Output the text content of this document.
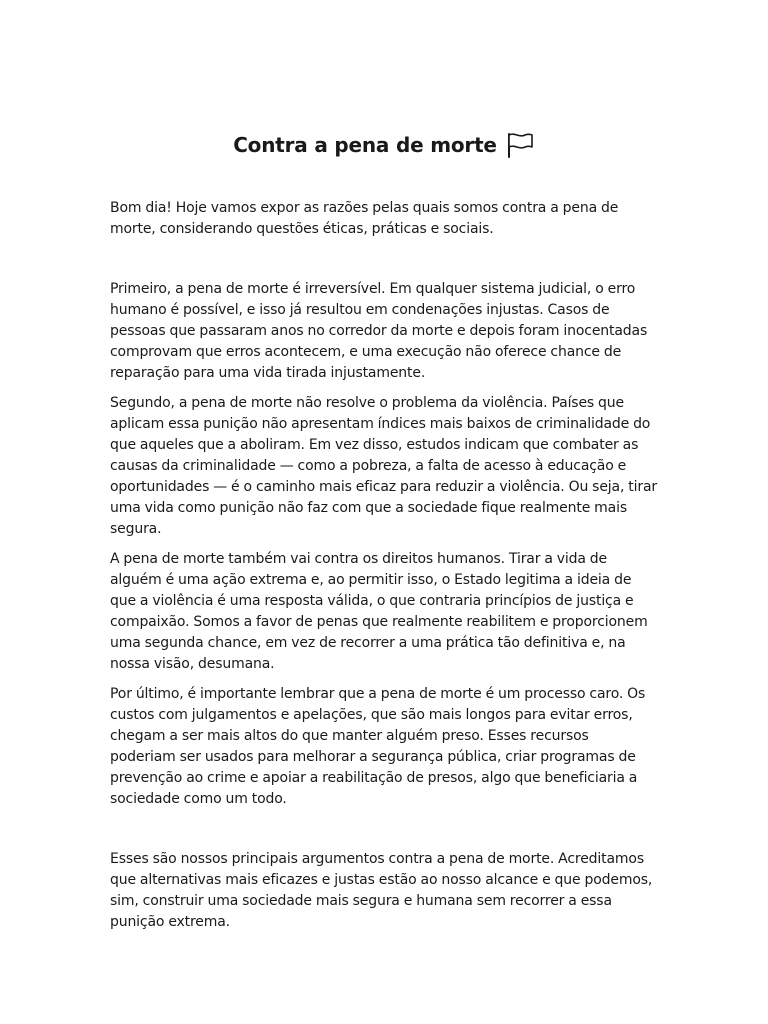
Contra a pena de morte

Bom dia! Hoje vamos expor as razões pelas quais somos contra a pena de morte, considerando questões éticas, práticas e sociais.

Primeiro, a pena de morte é irreversível. Em qualquer sistema judicial, o erro humano é possível, e isso já resultou em condenações injustas. Casos de pessoas que passaram anos no corredor da morte e depois foram inocentadas comprovam que erros acontecem, e uma execução não oferece chance de reparação para uma vida tirada injustamente.

Segundo, a pena de morte não resolve o problema da violência. Países que aplicam essa punição não apresentam índices mais baixos de criminalidade do que aqueles que a aboliram. Em vez disso, estudos indicam que combater as causas da criminalidade — como a pobreza, a falta de acesso à educação e oportunidades — é o caminho mais eficaz para reduzir a violência. Ou seja, tirar uma vida como punição não faz com que a sociedade fique realmente mais segura.

A pena de morte também vai contra os direitos humanos. Tirar a vida de alguém é uma ação extrema e, ao permitir isso, o Estado legitima a ideia de que a violência é uma resposta válida, o que contraria princípios de justiça e compaixão. Somos a favor de penas que realmente reabilitem e proporcionem uma segunda chance, em vez de recorrer a uma prática tão definitiva e, na nossa visão, desumana.

Por último, é importante lembrar que a pena de morte é um processo caro. Os custos com julgamentos e apelações, que são mais longos para evitar erros, chegam a ser mais altos do que manter alguém preso. Esses recursos poderiam ser usados para melhorar a segurança pública, criar programas de prevenção ao crime e apoiar a reabilitação de presos, algo que beneficiaria a sociedade como um todo.

Esses são nossos principais argumentos contra a pena de morte. Acreditamos que alternativas mais eficazes e justas estão ao nosso alcance e que podemos, sim, construir uma sociedade mais segura e humana sem recorrer a essa punição extrema.
